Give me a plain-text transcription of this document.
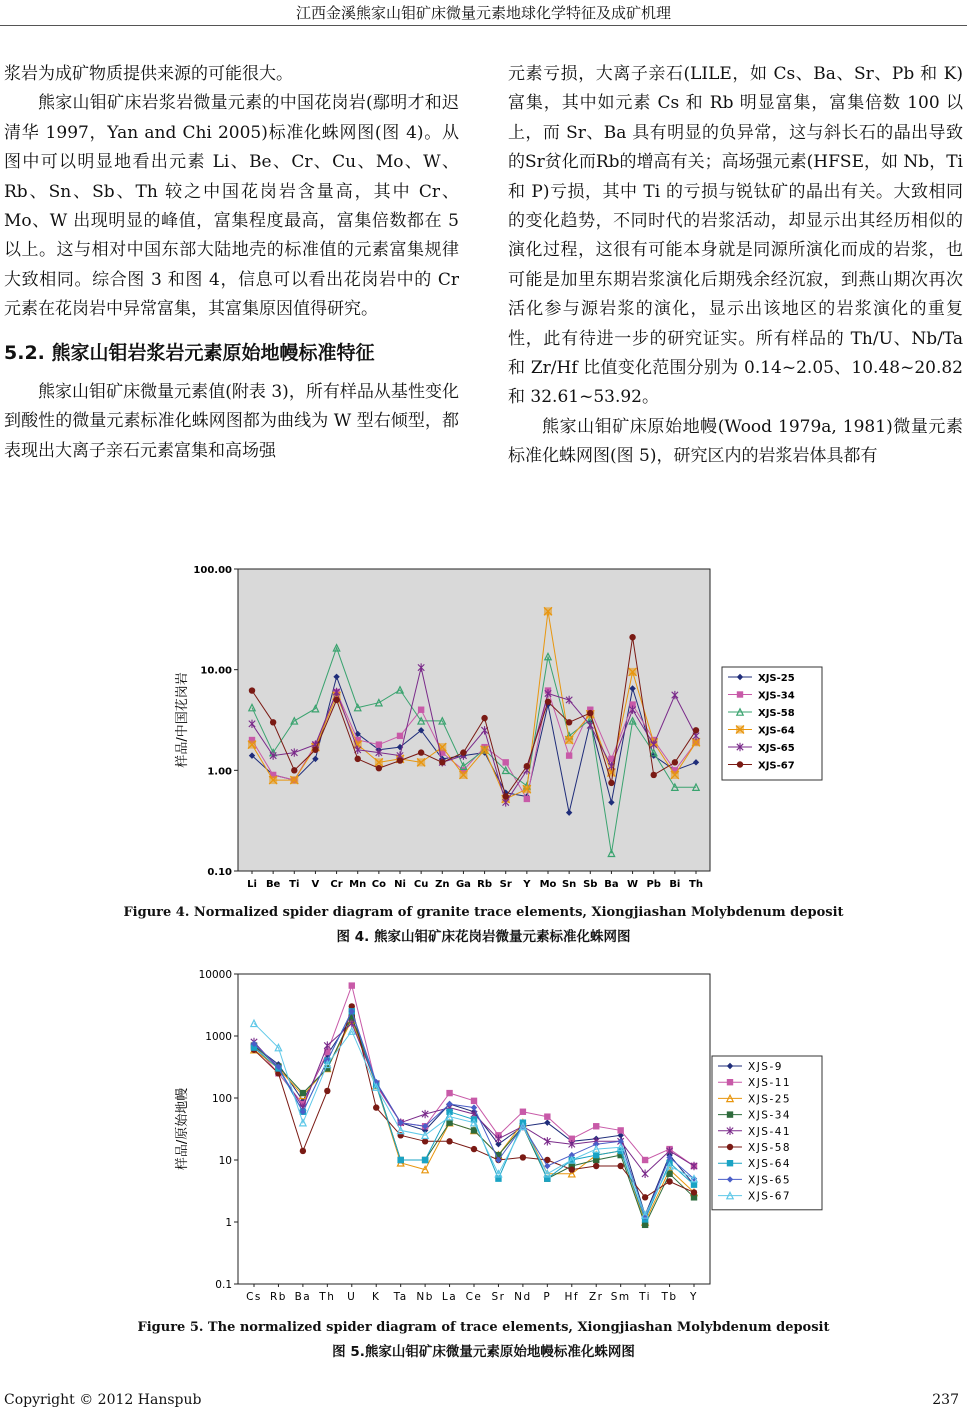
江西金溪熊家山钼矿床微量元素地球化学特征及成矿机理

浆岩为成矿物质提供来源的可能很大。

熊家山钼矿床岩浆岩微量元素的中国花岗岩(鄢明才和迟清华 1997，Yan and Chi 2005)标准化蛛网图(图 4)。从图中可以明显地看出元素 Li、Be、Cr、Cu、Mo、W、Rb、Sn、Sb、Th 较之中国花岗岩含量高，其中 Cr、Mo、W 出现明显的峰值，富集程度最高，富集倍数都在 5 以上。这与相对中国东部大陆地壳的标准值的元素富集规律大致相同。综合图 3 和图 4，信息可以看出花岗岩中的 Cr 元素在花岗岩中异常富集，其富集原因值得研究。

5.2. 熊家山钼岩浆岩元素原始地幔标准特征

熊家山钼矿床微量元素值(附表 3)，所有样品从基性变化到酸性的微量元素标准化蛛网图都为曲线为 W 型右倾型，都表现出大离子亲石元素富集和高场强

元素亏损，大离子亲石(LILE，如 Cs、Ba、Sr、Pb 和 K)富集，其中如元素 Cs 和 Rb 明显富集，富集倍数 100 以上，而 Sr、Ba 具有明显的负异常，这与斜长石的晶出导致的Sr贫化而Rb的增高有关；高场强元素(HFSE，如 Nb，Ti 和 P)亏损，其中 Ti 的亏损与锐钛矿的晶出有关。大致相同的变化趋势，不同时代的岩浆活动，却显示出其经历相似的演化过程，这很有可能本身就是同源所演化而成的岩浆，也可能是加里东期岩浆演化后期残余经沉寂，到燕山期次再次活化参与源岩浆的演化，显示出该地区的岩浆演化的重复性，此有待进一步的研究证实。所有样品的 Th/U、Nb/Ta 和 Zr/Hf 比值变化范围分别为 0.14~2.05、10.48~20.82 和 32.61~53.92。

熊家山钼矿床原始地幔(Wood 1979a, 1981)微量元素标准化蛛网图(图 5)，研究区内的岩浆岩体具都有

100.00
10.00
1.00
0.10
样品/中国花岗岩
Li Be Ti V Cr Mn Co Ni Cu Zn Ga Rb Sr Y Mo Sn Sb Ba W Pb Bi Th
XJS-25
XJS-34
XJS-58
XJS-64
XJS-65
XJS-67
Figure 4. Normalized spider diagram of granite trace elements, Xiongjiashan Molybdenum deposit
图 4. 熊家山钼矿床花岗岩微量元素标准化蛛网图
10000
1000
100
10
1
0.1
样品/原始地幔
Cs Rb Ba Th U K Ta Nb La Ce Sr Nd P Hf Zr Sm Ti Tb Y
XJS-9
XJS-11
XJS-25
XJS-34
XJS-41
XJS-58
XJS-64
XJS-65
XJS-67
Figure 5. The normalized spider diagram of trace elements, Xiongjiashan Molybdenum deposit
图 5.熊家山钼矿床微量元素原始地幔标准化蛛网图
Copyright © 2012 Hanspub	237
